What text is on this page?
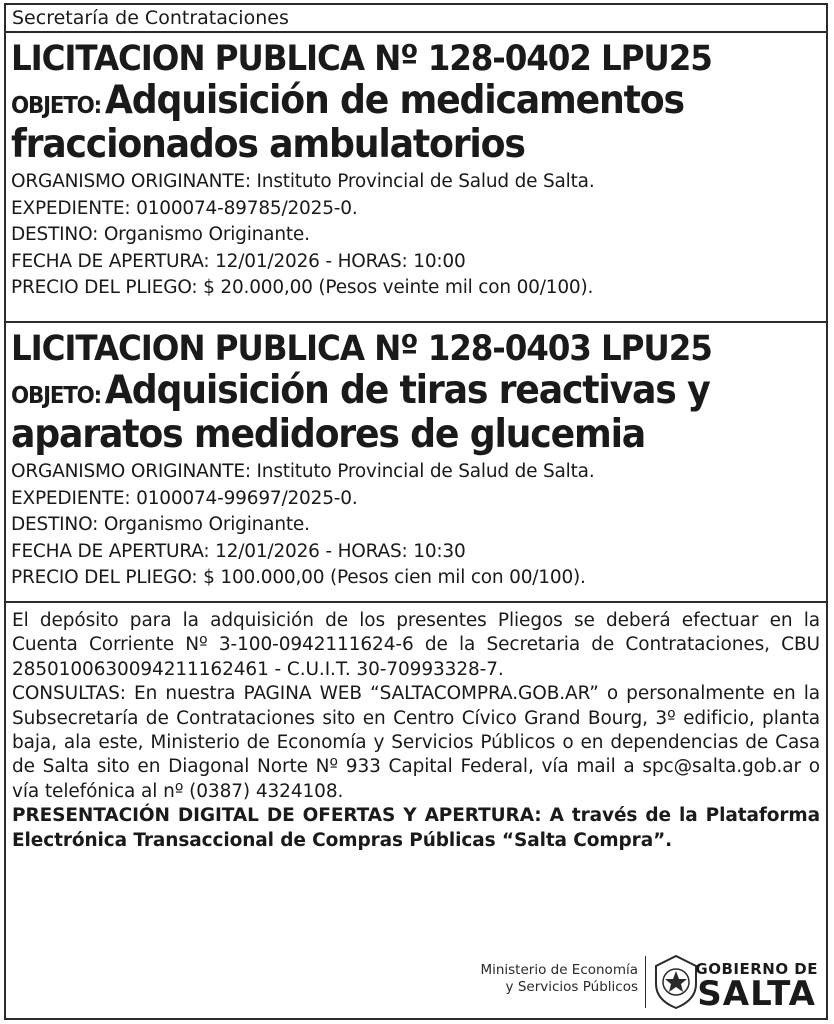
Secretaría de Contrataciones
LICITACION PUBLICA Nº 128-0402 LPU25
OBJETO: Adquisición de medicamentos fraccionados ambulatorios
ORGANISMO ORIGINANTE: Instituto Provincial de Salud de Salta.
EXPEDIENTE: 0100074-89785/2025-0.
DESTINO: Organismo Originante.
FECHA DE APERTURA: 12/01/2026 - HORAS: 10:00
PRECIO DEL PLIEGO: $ 20.000,00 (Pesos veinte mil con 00/100).
LICITACION PUBLICA Nº 128-0403 LPU25
OBJETO: Adquisición de tiras reactivas y aparatos medidores de glucemia
ORGANISMO ORIGINANTE: Instituto Provincial de Salud de Salta.
EXPEDIENTE: 0100074-99697/2025-0.
DESTINO: Organismo Originante.
FECHA DE APERTURA: 12/01/2026 - HORAS: 10:30
PRECIO DEL PLIEGO: $ 100.000,00 (Pesos cien mil con 00/100).

El depósito para la adquisición de los presentes Pliegos se deberá efectuar en la Cuenta Corriente Nº 3-100-0942111624-6 de la Secretaria de Contrataciones, CBU 2850100630094211162461 - C.U.I.T. 30-70993328-7.

CONSULTAS: En nuestra PAGINA WEB “SALTACOMPRA.GOB.AR” o personalmente en la Subsecretaría de Contrataciones sito en Centro Cívico Grand Bourg, 3º edificio, planta baja, ala este, Ministerio de Economía y Servicios Públicos o en dependencias de Casa de Salta sito en Diagonal Norte Nº 933 Capital Federal, vía mail a spc@salta.gob.ar o vía telefónica al nº (0387) 4324108.

PRESENTACIÓN DIGITAL DE OFERTAS Y APERTURA: A través de la Plataforma Electrónica Transaccional de Compras Públicas “Salta Compra”.

Ministerio de Economía
y Servicios Públicos
GOBIERNO DE
SALTA
